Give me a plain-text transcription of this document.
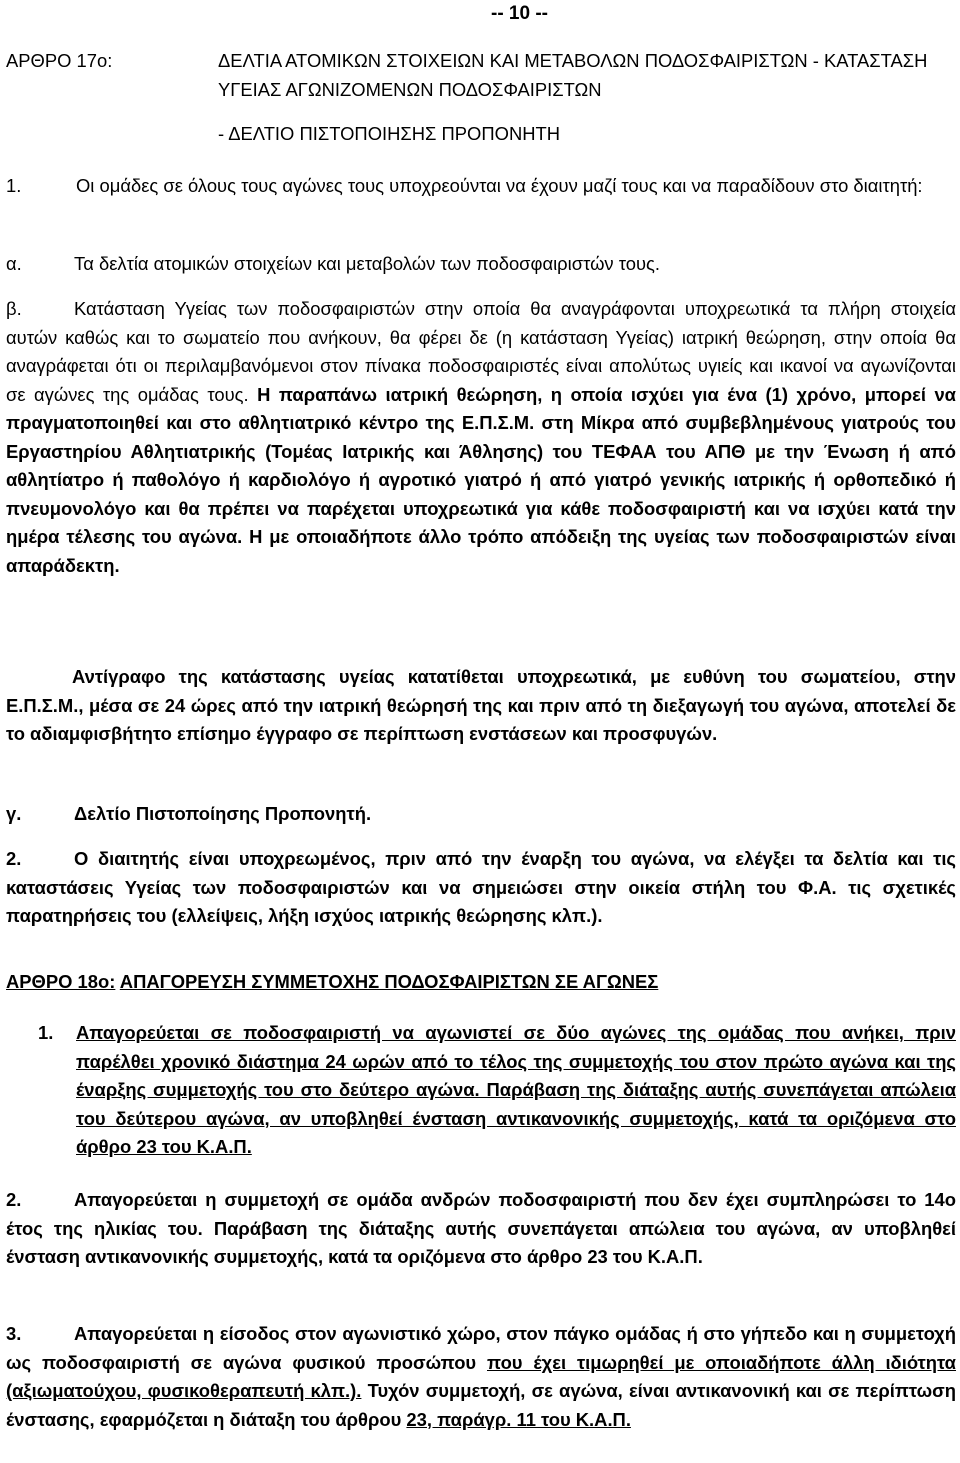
-- 10 --
ΑΡΘΡΟ 17ο:	ΔΕΛΤΙΑ ΑΤΟΜΙΚΩΝ ΣΤΟΙΧΕΙΩΝ ΚΑΙ ΜΕΤΑΒΟΛΩΝ ΠΟΔΟΣΦΑΙΡΙΣΤΩΝ - ΚΑΤΑΣΤΑΣΗ ΥΓΕΙΑΣ ΑΓΩΝΙΖΟΜΕΝΩΝ ΠΟΔΟΣΦΑΙΡΙΣΤΩΝ
- ΔΕΛΤΙΟ ΠΙΣΤΟΠΟΙΗΣΗΣ ΠΡΟΠΟΝΗΤΗ
1.	Οι ομάδες σε όλους τους αγώνες τους υποχρεούνται να έχουν μαζί τους και να παραδίδουν στο διαιτητή:
α.	Τα δελτία ατομικών στοιχείων και μεταβολών των ποδοσφαιριστών τους.
β.	Κατάσταση Υγείας των ποδοσφαιριστών στην οποία θα αναγράφονται υποχρεωτικά τα πλήρη στοιχεία αυτών καθώς και το σωματείο που ανήκουν, θα φέρει δε (η κατάσταση Υγείας) ιατρική θεώρηση, στην οποία θα αναγράφεται ότι οι περιλαμβανόμενοι στον πίνακα ποδοσφαιριστές είναι απολύτως υγιείς και ικανοί να αγωνίζονται σε αγώνες της ομάδας τους. Η παραπάνω ιατρική θεώρηση, η οποία ισχύει για ένα (1) χρόνο, μπορεί να πραγματοποιηθεί και στο αθλητιατρικό κέντρο της Ε.Π.Σ.Μ. στη Μίκρα από συμβεβλημένους γιατρούς του Εργαστηρίου Αθλητιατρικής (Τομέας Ιατρικής και Άθλησης) του ΤΕΦΑΑ του ΑΠΘ με την Ένωση ή από αθλητίατρο ή παθολόγο ή καρδιολόγο ή αγροτικό γιατρό ή από γιατρό γενικής ιατρικής ή ορθοπεδικό ή πνευμονολόγο και θα πρέπει να παρέχεται υποχρεωτικά για κάθε ποδοσφαιριστή και να ισχύει κατά την ημέρα τέλεσης του αγώνα. Η με οποιαδήποτε άλλο τρόπο απόδειξη της υγείας των ποδοσφαιριστών είναι απαράδεκτη.
Αντίγραφο της κατάστασης υγείας κατατίθεται υποχρεωτικά, με ευθύνη του σωματείου, στην Ε.Π.Σ.Μ., μέσα σε 24 ώρες από την ιατρική θεώρησή της και πριν από τη διεξαγωγή του αγώνα, αποτελεί δε το αδιαμφισβήτητο επίσημο έγγραφο σε περίπτωση ενστάσεων και προσφυγών.
γ.	Δελτίο Πιστοποίησης Προπονητή.
2.	Ο διαιτητής είναι υποχρεωμένος, πριν από την έναρξη του αγώνα, να ελέγξει τα δελτία και τις καταστάσεις Υγείας των ποδοσφαιριστών και να σημειώσει στην οικεία στήλη του Φ.Α. τις σχετικές παρατηρήσεις του (ελλείψεις, λήξη ισχύος ιατρικής θεώρησης κλπ.).
ΑΡΘΡΟ 18ο: ΑΠΑΓΟΡΕΥΣΗ ΣΥΜΜΕΤΟΧΗΣ ΠΟΔΟΣΦΑΙΡΙΣΤΩΝ ΣΕ ΑΓΩΝΕΣ
1. Απαγορεύεται σε ποδοσφαιριστή να αγωνιστεί σε δύο αγώνες της ομάδας που ανήκει, πριν παρέλθει χρονικό διάστημα 24 ωρών από το τέλος της συμμετοχής του στον πρώτο αγώνα και της έναρξης συμμετοχής του στο δεύτερο αγώνα. Παράβαση της διάταξης αυτής συνεπάγεται απώλεια του δεύτερου αγώνα, αν υποβληθεί ένσταση αντικανονικής συμμετοχής, κατά τα οριζόμενα στο άρθρο 23 του Κ.Α.Π.
2.	Απαγορεύεται η συμμετοχή σε ομάδα ανδρών ποδοσφαιριστή που δεν έχει συμπληρώσει το 14ο έτος της ηλικίας του. Παράβαση της διάταξης αυτής συνεπάγεται απώλεια του αγώνα, αν υποβληθεί ένσταση αντικανονικής συμμετοχής, κατά τα οριζόμενα στο άρθρο 23 του Κ.Α.Π.
3.	Απαγορεύεται η είσοδος στον αγωνιστικό χώρο, στον πάγκο ομάδας ή στο γήπεδο και η συμμετοχή ως ποδοσφαιριστή σε αγώνα φυσικού προσώπου που έχει τιμωρηθεί με οποιαδήποτε άλλη ιδιότητα (αξιωματούχου, φυσικοθεραπευτή κλπ.). Τυχόν συμμετοχή, σε αγώνα, είναι αντικανονική και σε περίπτωση ένστασης, εφαρμόζεται η διάταξη του άρθρου 23, παράγρ. 11 του Κ.Α.Π.
